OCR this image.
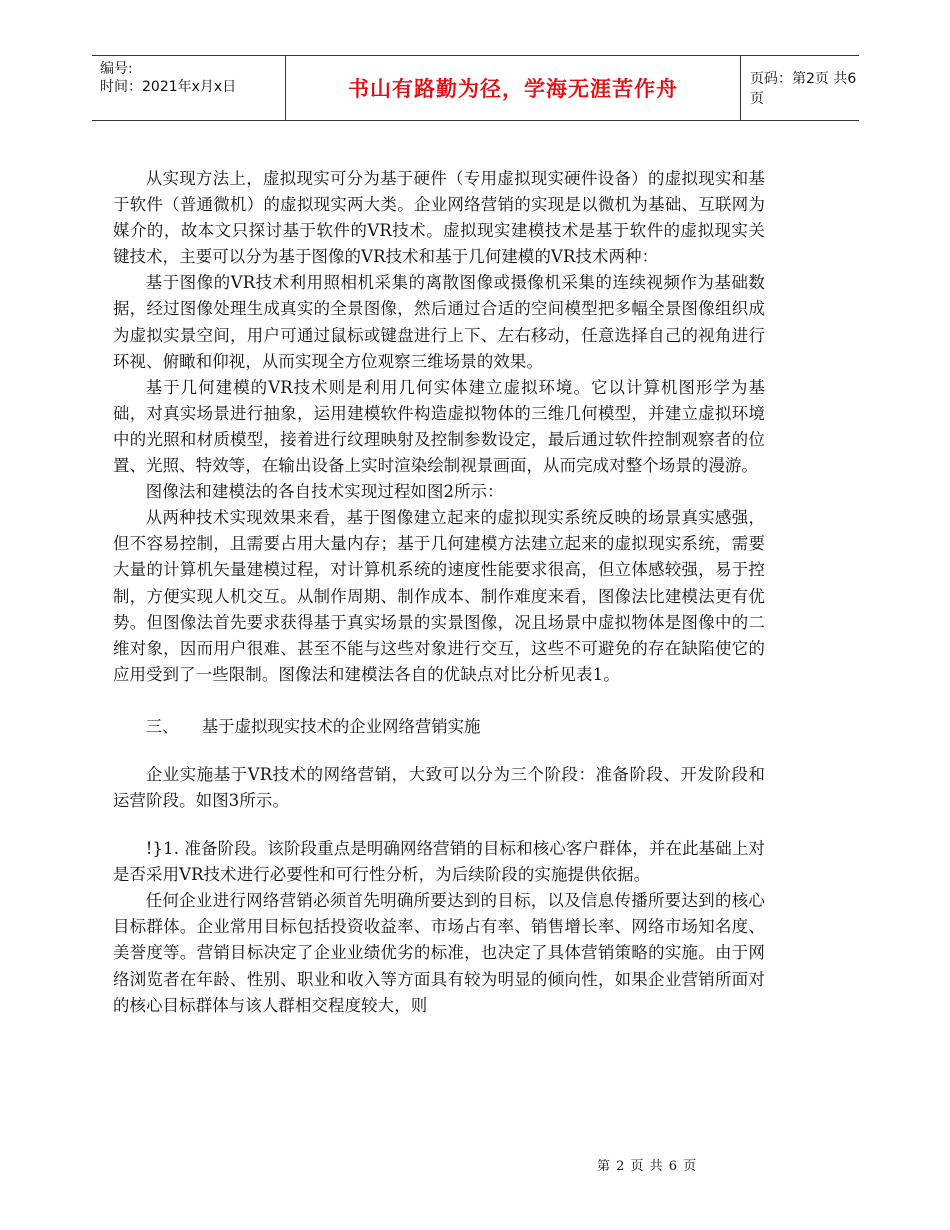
编号:
时间：2021年x月x日	书山有路勤为径，学海无涯苦作舟	页码：第2页 共6页

从实现方法上，虚拟现实可分为基于硬件（专用虚拟现实硬件设备）的虚拟现实和基于软件（普通微机）的虚拟现实两大类。企业网络营销的实现是以微机为基础、互联网为媒介的，故本文只探讨基于软件的VR技术。虚拟现实建模技术是基于软件的虚拟现实关键技术，主要可以分为基于图像的VR技术和基于几何建模的VR技术两种：

基于图像的VR技术利用照相机采集的离散图像或摄像机采集的连续视频作为基础数据，经过图像处理生成真实的全景图像，然后通过合适的空间模型把多幅全景图像组织成为虚拟实景空间，用户可通过鼠标或键盘进行上下、左右移动，任意选择自己的视角进行环视、俯瞰和仰视，从而实现全方位观察三维场景的效果。

基于几何建模的VR技术则是利用几何实体建立虚拟环境。它以计算机图形学为基础，对真实场景进行抽象，运用建模软件构造虚拟物体的三维几何模型，并建立虚拟环境中的光照和材质模型，接着进行纹理映射及控制参数设定，最后通过软件控制观察者的位置、光照、特效等，在输出设备上实时渲染绘制视景画面，从而完成对整个场景的漫游。

图像法和建模法的各自技术实现过程如图2所示：

从两种技术实现效果来看，基于图像建立起来的虚拟现实系统反映的场景真实感强，但不容易控制，且需要占用大量内存；基于几何建模方法建立起来的虚拟现实系统，需要大量的计算机矢量建模过程，对计算机系统的速度性能要求很高，但立体感较强，易于控制，方便实现人机交互。从制作周期、制作成本、制作难度来看，图像法比建模法更有优势。但图像法首先要求获得基于真实场景的实景图像，况且场景中虚拟物体是图像中的二维对象，因而用户很难、甚至不能与这些对象进行交互，这些不可避免的存在缺陷使它的应用受到了一些限制。图像法和建模法各自的优缺点对比分析见表1。

三、 基于虚拟现实技术的企业网络营销实施

企业实施基于VR技术的网络营销，大致可以分为三个阶段：准备阶段、开发阶段和运营阶段。如图3所示。

!}1. 准备阶段。该阶段重点是明确网络营销的目标和核心客户群体，并在此基础上对是否采用VR技术进行必要性和可行性分析，为后续阶段的实施提供依据。

任何企业进行网络营销必须首先明确所要达到的目标，以及信息传播所要达到的核心目标群体。企业常用目标包括投资收益率、市场占有率、销售增长率、网络市场知名度、美誉度等。营销目标决定了企业业绩优劣的标准，也决定了具体营销策略的实施。由于网络浏览者在年龄、性别、职业和收入等方面具有较为明显的倾向性，如果企业营销所面对的核心目标群体与该人群相交程度较大，则

第 2 页 共 6 页
